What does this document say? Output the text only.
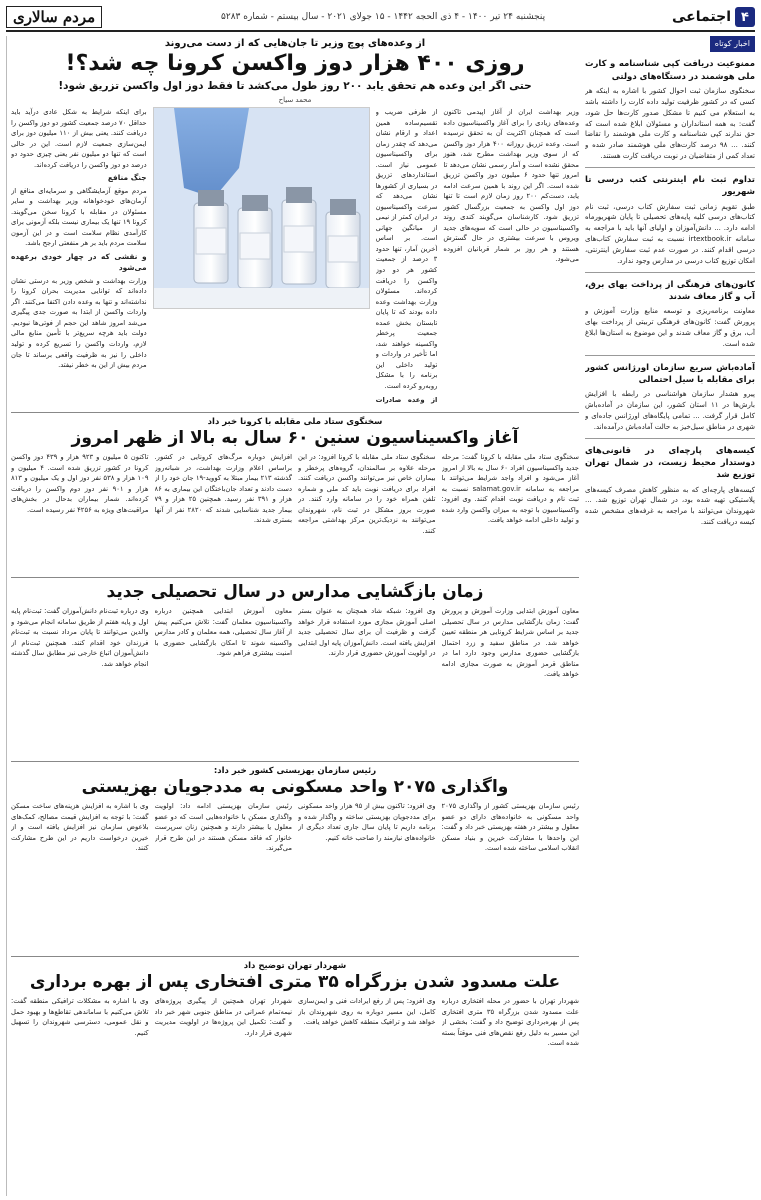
۴
اجتماعی
پنجشنبه ۲۴ تیر ۱۴۰۰ - ۴ ذی الحجه ۱۴۴۲ - ۱۵ جولای ۲۰۲۱ - سال بیستم - شماره ۵۲۸۳
مردم سالاری
اخبار کوتاه
ممنوعیت دریافت کپی شناسنامه و کارت ملی هوشمند در دستگاه‌های دولتی

سخنگوی سازمان ثبت احوال کشور با اشاره به اینکه هر کسی که در کشور ظرفیت تولید داده کارت را داشته باشد به استعلام می کنیم تا مشکل صدور کارت‌ها حل شود، گفت: به همه استانداران و مسئولان ابلاغ شده است که حق ندارند کپی شناسنامه و کارت ملی هوشمند را تقاضا کنند. ... ۹۸ درصد کارت‌های ملی هوشمند صادر شده و تعداد کمی از متقاضیان در نوبت دریافت کارت هستند.

تداوم ثبت نام اینترنتی کتب درسی تا شهریور

طبق تقویم زمانی ثبت سفارش کتاب درسی، ثبت نام کتاب‌های درسی کلیه پایه‌های تحصیلی تا پایان شهریورماه ادامه دارد. ... دانش‌آموزان و اولیای آنها باید با مراجعه به سامانه irtextbook.ir نسبت به ثبت سفارش کتاب‌های درسی اقدام کنند. در صورت عدم ثبت سفارش اینترنتی، امکان توزیع کتاب درسی در مدارس وجود ندارد.

کانون‌های فرهنگی از پرداخت بهای برق، آب و گاز معاف شدند

معاونت برنامه‌ریزی و توسعه منابع وزارت آموزش و پرورش گفت: کانون‌های فرهنگی تربیتی از پرداخت بهای آب، برق و گاز معاف شدند و این موضوع به استان‌ها ابلاغ شده است.

آماده‌باش سریع سازمان اورژانس کشور برای مقابله با سیل احتمالی

پیرو هشدار سازمان هواشناسی در رابطه با افزایش بارش‌ها در ۱۱ استان کشور، این سازمان در آماده‌باش کامل قرار گرفت. ... تمامی پایگاه‌های اورژانس جاده‌ای و شهری در مناطق سیل‌خیز به حالت آماده‌باش درآمده‌اند.

کیسه‌های پارچه‌ای در قانونی‌های دوستدار محیط زیست، در شمال تهران توزیع شد

کیسه‌های پارچه‌ای که به منظور کاهش مصرف کیسه‌های پلاستیکی تهیه شده بود، در شمال تهران توزیع شد. ... شهروندان می‌توانند با مراجعه به غرفه‌های مشخص شده کیسه دریافت کنند.

از وعده‌های پوچ وزیر تا جان‌هایی که از دست می‌روند
روزی ۴۰۰ هزار دوز واکسن کرونا چه شد؟!
حتی اگر این وعده هم تحقق یابد ۲۰۰ روز طول می‌کشد تا فقط دوز اول واکسن تزریق شود!
محمد سیاح

وزیر بهداشت ایران از آغاز اپیدمی تاکنون وعده‌های زیادی را برای آغاز واکسیناسیون داده است که همچنان اکثریت آن به تحقق نرسیده است. وعده تزریق روزانه ۴۰۰ هزار دوز واکسن که از سوی وزیر بهداشت مطرح شد، هنوز محقق نشده است و آمار رسمی نشان می‌دهد تا امروز تنها حدود ۶ میلیون دوز واکسن تزریق شده است. اگر این روند با همین سرعت ادامه یابد، دست‌کم ۲۰۰ روز زمان لازم است تا تنها دوز اول واکسن به جمعیت بزرگسال کشور تزریق شود. کارشناسان می‌گویند کندی روند واکسیناسیون در حالی است که سویه‌های جدید ویروس با سرعت بیشتری در حال گسترش هستند و هر روز بر شمار قربانیان افزوده می‌شود.

از طرفی ضریب و تقسیم‌ساده همین اعداد و ارقام نشان می‌دهد که چقدر زمان برای واکسیناسیون عمومی نیاز است. استانداردهای تزریق در بسیاری از کشورها نشان می‌دهد که سرعت واکسیناسیون در ایران کمتر از نیمی از میانگین جهانی است. بر اساس آخرین آمار، تنها حدود ۳ درصد از جمعیت کشور هر دو دوز واکسن را دریافت کرده‌اند. مسئولان وزارت بهداشت وعده داده بودند که تا پایان تابستان بخش عمده جمعیت پرخطر واکسینه خواهند شد، اما تأخیر در واردات و تولید داخلی این برنامه را با مشکل روبه‌رو کرده است.

از وعده صادرات

برای اینکه شرایط به شکل عادی درآید باید حداقل ۷۰ درصد جمعیت کشور دو دوز واکسن را دریافت کنند. یعنی بیش از ۱۱۰ میلیون دوز برای ایمن‌سازی جمعیت لازم است. این در حالی است که تنها دو میلیون نفر یعنی چیزی حدود دو درصد دو دوز واکسن را دریافت کرده‌اند.

جنگ منافع

مردم موقع آزمایشگاهی و سرمایه‌ای منافع از آرمان‌های خودخواهانه وزیر بهداشت و سایر مسئولان در مقابله با کرونا سخن می‌گویند. کرونا ۱۹ تنها یک بیماری نیست بلکه آزمونی برای کارآمدی نظام سلامت است و در این آزمون سلامت مردم باید بر هر منفعتی ارجح باشد.

و نقشی که در چهار خودی برعهده می‌شود

وزارت بهداشت و شخص وزیر به درستی نشان داده‌اند که توانایی مدیریت بحران کرونا را نداشته‌اند و تنها به وعده دادن اکتفا می‌کنند. اگر واردات واکسن از ابتدا به صورت جدی پیگیری می‌شد امروز شاهد این حجم از فوتی‌ها نبودیم. دولت باید هرچه سریع‌تر با تأمین منابع مالی لازم، واردات واکسن را تسریع کرده و تولید داخلی را نیز به ظرفیت واقعی برساند تا جان مردم بیش از این به خطر نیفتد.

سخنگوی ستاد ملی مقابله با کرونا خبر داد
آغاز واکسیناسیون سنین ۶۰ سال به بالا از ظهر امروز
سخنگوی ستاد ملی مقابله با کرونا گفت: مرحله جدید واکسیناسیون افراد ۶۰ سال به بالا از امروز آغاز می‌شود و افراد واجد شرایط می‌توانند با مراجعه به سامانه salamat.gov.ir نسبت به ثبت نام و دریافت نوبت اقدام کنند. وی افزود: واکسیناسیون با توجه به میزان واکسن وارد شده و تولید داخلی ادامه خواهد یافت.
سخنگوی ستاد ملی مقابله با کرونا افزود: در این مرحله علاوه بر سالمندان، گروه‌های پرخطر و بیماران خاص نیز می‌توانند واکسن دریافت کنند. افراد برای دریافت نوبت باید کد ملی و شماره تلفن همراه خود را در سامانه وارد کنند. در صورت بروز مشکل در ثبت نام، شهروندان می‌توانند به نزدیک‌ترین مرکز بهداشتی مراجعه کنند.
افزایش دوباره مرگ‌های کرونایی در کشور. براساس اعلام وزارت بهداشت، در شبانه‌روز گذشته ۲۱۳ بیمار مبتلا به کووید-۱۹ جان خود را از دست دادند و تعداد جان‌باختگان این بیماری به ۸۶ هزار و ۳۹۱ نفر رسید. همچنین ۲۵ هزار و ۷۹ بیمار جدید شناسایی شدند که ۲۸۲۰ نفر از آنها بستری شدند.
تاکنون ۵ میلیون و ۹۲۳ هزار و ۴۳۹ دوز واکسن کرونا در کشور تزریق شده است. ۴ میلیون و ۱۰۹ هزار و ۵۳۸ نفر دوز اول و یک میلیون و ۸۱۳ هزار و ۹۰۱ نفر دوز دوم واکسن را دریافت کرده‌اند. شمار بیماران بدحال در بخش‌های مراقبت‌های ویژه به ۴۲۵۶ نفر رسیده است.
زمان بازگشایی مدارس در سال تحصیلی جدید
معاون آموزش ابتدایی وزارت آموزش و پرورش گفت: زمان بازگشایی مدارس در سال تحصیلی جدید بر اساس شرایط کرونایی هر منطقه تعیین خواهد شد. در مناطق سفید و زرد احتمال بازگشایی حضوری مدارس وجود دارد اما در مناطق قرمز آموزش به صورت مجازی ادامه خواهد یافت.
وی افزود: شبکه شاد همچنان به عنوان بستر اصلی آموزش مجازی مورد استفاده قرار خواهد گرفت و ظرفیت آن برای سال تحصیلی جدید افزایش یافته است. دانش‌آموزان پایه اول ابتدایی در اولویت آموزش حضوری قرار دارند.
معاون آموزش ابتدایی همچنین درباره واکسیناسیون معلمان گفت: تلاش می‌کنیم پیش از آغاز سال تحصیلی، همه معلمان و کادر مدارس واکسینه شوند تا امکان بازگشایی حضوری با امنیت بیشتری فراهم شود.
وی درباره ثبت‌نام دانش‌آموزان گفت: ثبت‌نام پایه اول و پایه هفتم از طریق سامانه انجام می‌شود و والدین می‌توانند تا پایان مرداد نسبت به ثبت‌نام فرزندان خود اقدام کنند. همچنین ثبت‌نام از دانش‌آموزان اتباع خارجی نیز مطابق سال گذشته انجام خواهد شد.
رئیس سازمان بهزیستی کشور خبر داد:
واگذاری ۲۰۷۵ واحد مسکونی به مددجویان بهزیستی
رئیس سازمان بهزیستی کشور از واگذاری ۲۰۷۵ واحد مسکونی به خانواده‌های دارای دو عضو معلول و بیشتر در هفته بهزیستی خبر داد و گفت: این واحدها با مشارکت خیرین و بنیاد مسکن انقلاب اسلامی ساخته شده است.
وی افزود: تاکنون بیش از ۹۵ هزار واحد مسکونی برای مددجویان بهزیستی ساخته و واگذار شده و برنامه داریم تا پایان سال جاری تعداد دیگری از خانواده‌های نیازمند را صاحب خانه کنیم.
رئیس سازمان بهزیستی ادامه داد: اولویت واگذاری مسکن با خانواده‌هایی است که دو عضو معلول یا بیشتر دارند و همچنین زنان سرپرست خانوار که فاقد مسکن هستند در این طرح قرار می‌گیرند.
وی با اشاره به افزایش هزینه‌های ساخت مسکن گفت: با توجه به افزایش قیمت مصالح، کمک‌های بلاعوض سازمان نیز افزایش یافته است و از خیرین درخواست داریم در این طرح مشارکت کنند.
شهردار تهران توضیح داد
علت مسدود شدن بزرگراه ۳۵ متری افتخاری پس از بهره برداری
شهردار تهران با حضور در محله افتخاری درباره علت مسدود شدن بزرگراه ۳۵ متری افتخاری پس از بهره‌برداری توضیح داد و گفت: بخشی از این مسیر به دلیل رفع نقص‌های فنی موقتاً بسته شده است.
وی افزود: پس از رفع ایرادات فنی و ایمن‌سازی کامل، این مسیر دوباره به روی شهروندان باز خواهد شد و ترافیک منطقه کاهش خواهد یافت.
شهردار تهران همچنین از پیگیری پروژه‌های نیمه‌تمام عمرانی در مناطق جنوبی شهر خبر داد و گفت: تکمیل این پروژه‌ها در اولویت مدیریت شهری قرار دارد.
وی با اشاره به مشکلات ترافیکی منطقه گفت: تلاش می‌کنیم با ساماندهی تقاطع‌ها و بهبود حمل و نقل عمومی، دسترسی شهروندان را تسهیل کنیم.
